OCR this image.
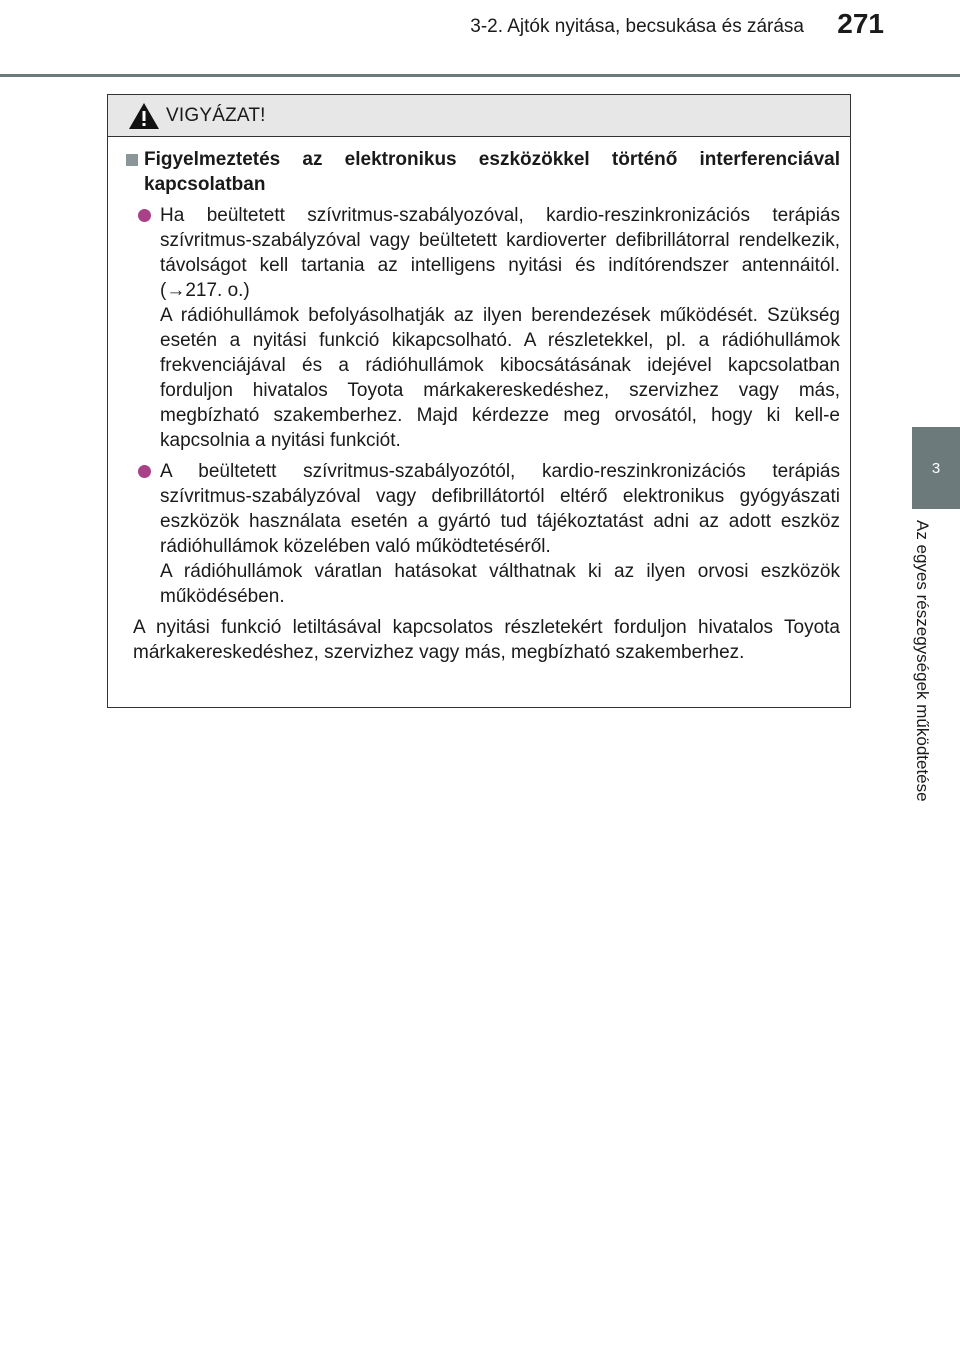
3-2. Ajtók nyitása, becsukása és zárása 271
3
Az egyes részegységek működtetése
VIGYÁZAT!
Figyelmeztetés az elektronikus eszközökkel történő interferenciával kapcsolatban

Ha beültetett szívritmus-szabályozóval, kardio-reszinkronizációs terápiás szívritmus-szabályzóval vagy beültetett kardioverter defibrillátorral rendelkezik, távolságot kell tartania az intelligens nyitási és indítórendszer antennáitól. (→217. o.)

A rádióhullámok befolyásolhatják az ilyen berendezések működését. Szükség esetén a nyitási funkció kikapcsolható. A részletekkel, pl. a rádióhullámok frekvenciájával és a rádióhullámok kibocsátásának idejével kapcsolatban forduljon hivatalos Toyota márkakereskedéshez, szervizhez vagy más, megbízható szakemberhez. Majd kérdezze meg orvosától, hogy ki kell-e kapcsolnia a nyitási funkciót.

A beültetett szívritmus-szabályozótól, kardio-reszinkronizációs terápiás szívritmus-szabályzóval vagy defibrillátortól eltérő elektronikus gyógyászati eszközök használata esetén a gyártó tud tájékoztatást adni az adott eszköz rádióhullámok közelében való működtetéséről.

A rádióhullámok váratlan hatásokat válthatnak ki az ilyen orvosi eszközök működésében.

A nyitási funkció letiltásával kapcsolatos részletekért forduljon hivatalos Toyota márkakereskedéshez, szervizhez vagy más, megbízható szakemberhez.
